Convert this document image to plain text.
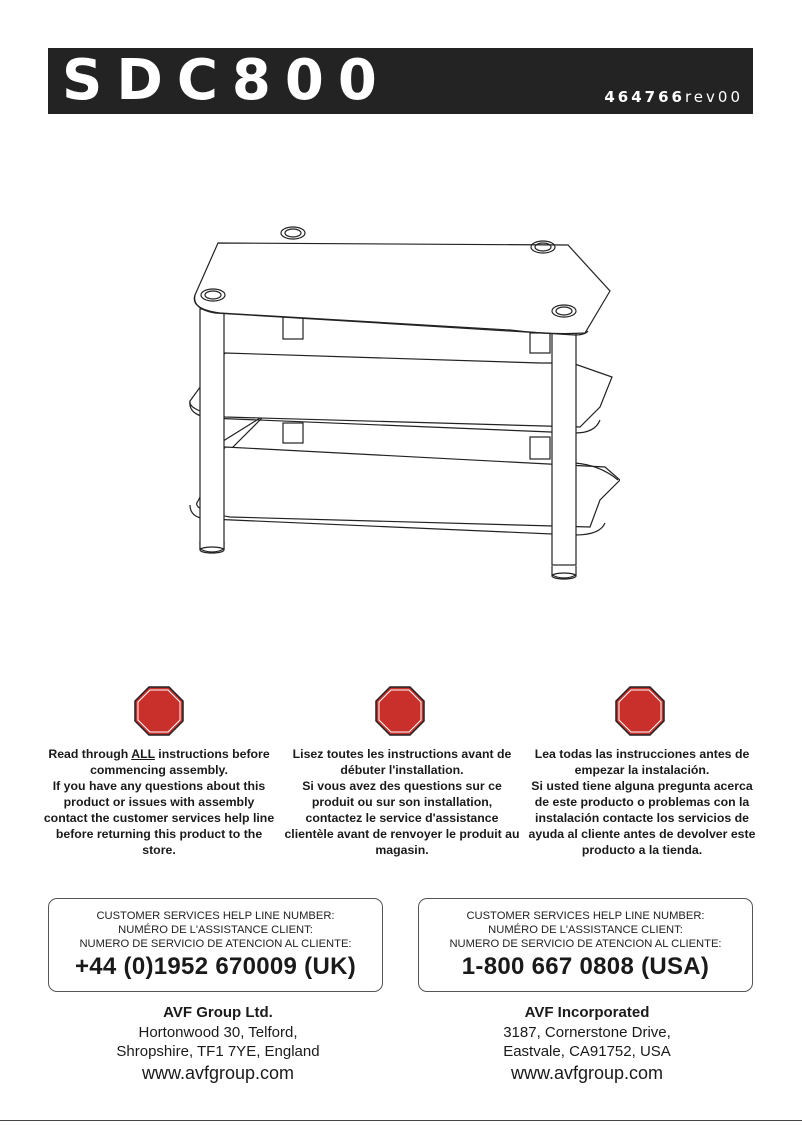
SDC800	464766rev00
STOP	ARRETEZ
-VOUS	ALTO

Read through ALL instructions before commencing assembly.

If you have any questions about this product or issues with assembly contact the customer services help line before returning this product to the store.

Lisez toutes les instructions avant de débuter l'installation.

Si vous avez des questions sur ce produit ou sur son installation, contactez le service d'assistance clientèle avant de renvoyer le produit au magasin.

Lea todas las instrucciones antes de empezar la instalación.

Si usted tiene alguna pregunta acerca de este producto o problemas con la instalación contacte los servicios de ayuda al cliente antes de devolver este producto a la tienda.

CUSTOMER SERVICES HELP LINE NUMBER:
NUMÉRO DE L'ASSISTANCE CLIENT:
NUMERO DE SERVICIO DE ATENCION AL CLIENTE:
+44 (0)1952 670009 (UK)
CUSTOMER SERVICES HELP LINE NUMBER:
NUMÉRO DE L'ASSISTANCE CLIENT:
NUMERO DE SERVICIO DE ATENCION AL CLIENTE:
1-800 667 0808 (USA)
AVF Group Ltd.
Hortonwood 30, Telford,
Shropshire, TF1 7YE, England
www.avfgroup.com
AVF Incorporated
3187, Cornerstone Drive,
Eastvale, CA91752, USA
www.avfgroup.com
